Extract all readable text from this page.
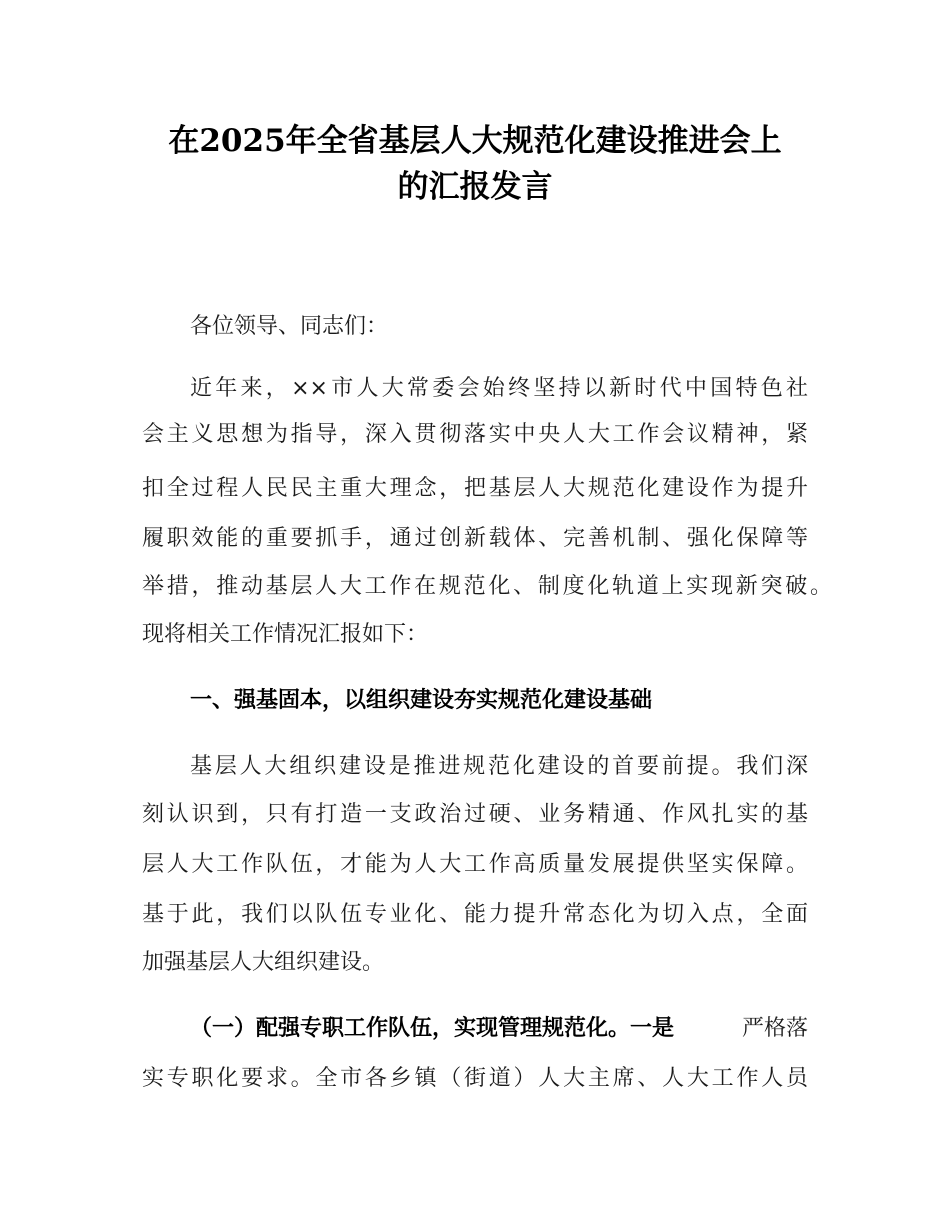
在2025年全省基层人大规范化建设推进会上
的汇报发言

各位领导、同志们：

近年来，××市人大常委会始终坚持以新时代中国特色社

会主义思想为指导，深入贯彻落实中央人大工作会议精神，紧

扣全过程人民民主重大理念，把基层人大规范化建设作为提升

履职效能的重要抓手，通过创新载体、完善机制、强化保障等

举措，推动基层人大工作在规范化、制度化轨道上实现新突破。

现将相关工作情况汇报如下：

一、强基固本，以组织建设夯实规范化建设基础

基层人大组织建设是推进规范化建设的首要前提。我们深

刻认识到，只有打造一支政治过硬、业务精通、作风扎实的基

层人大工作队伍，才能为人大工作高质量发展提供坚实保障。

基于此，我们以队伍专业化、能力提升常态化为切入点，全面

加强基层人大组织建设。

（一）配强专职工作队伍，实现管理规范化。 一是	严格落

实专职化要求。全市各乡镇（街道）人大主席、人大工作人员
